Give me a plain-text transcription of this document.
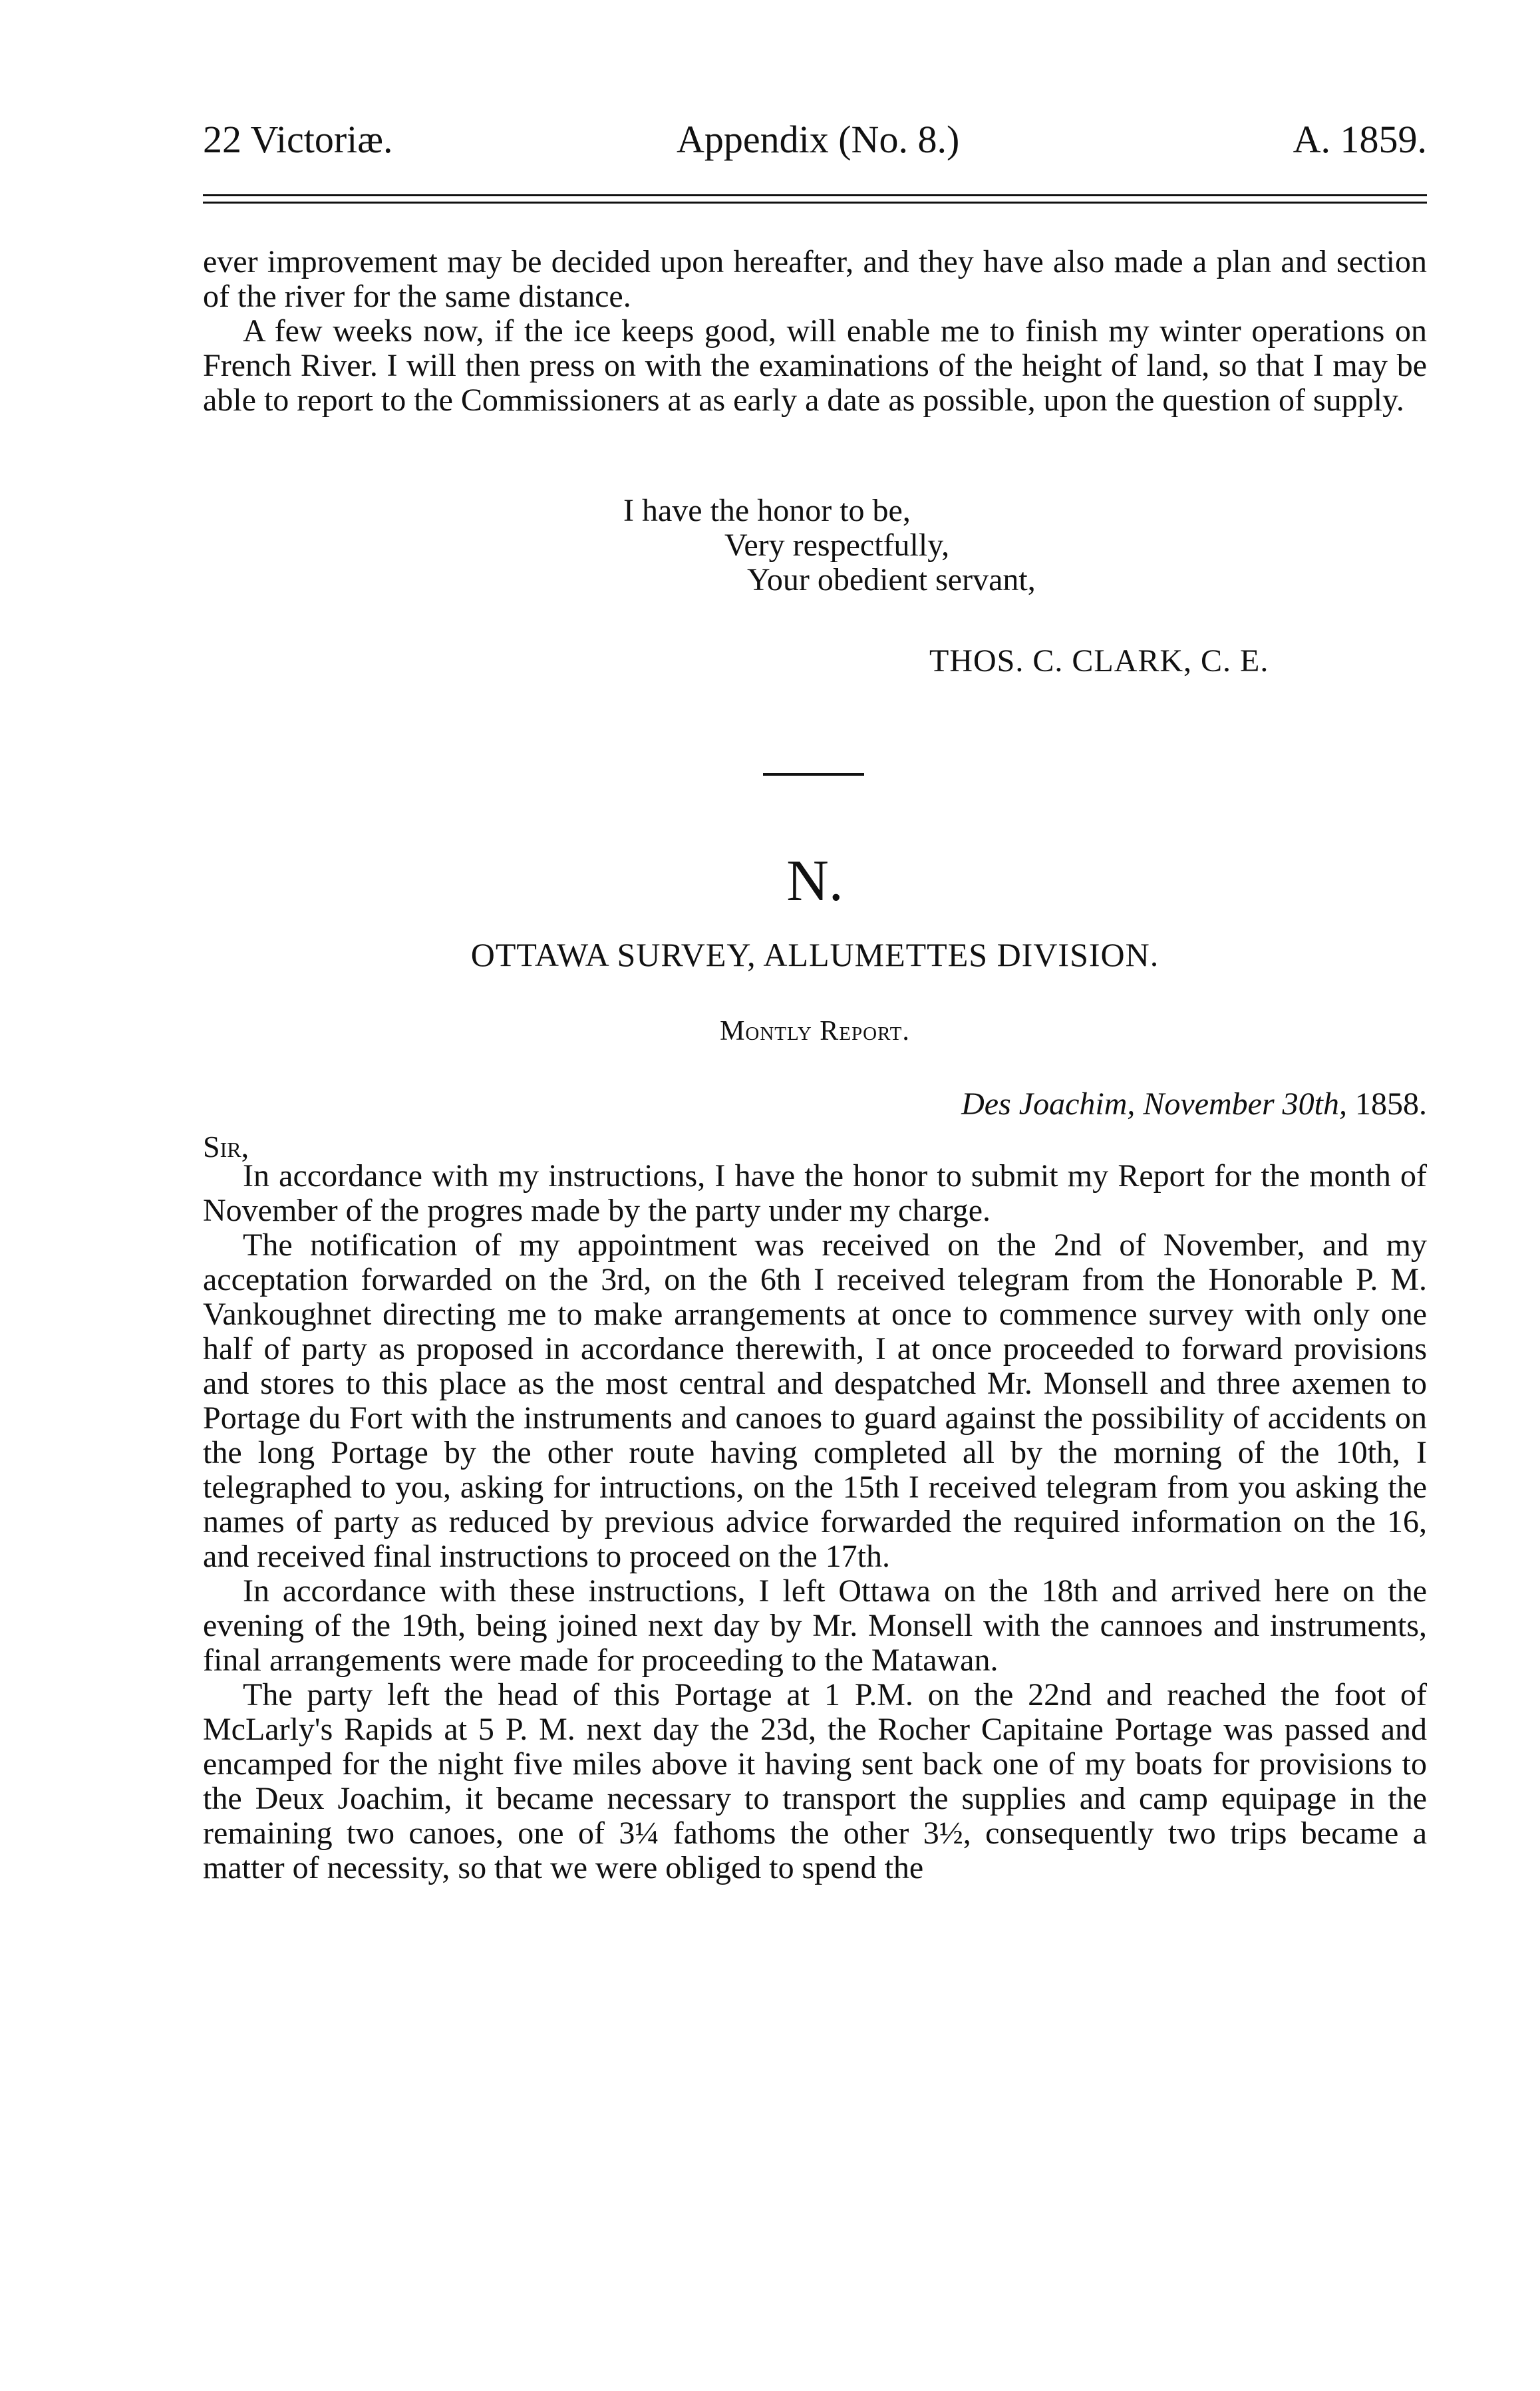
22 Victoriæ.	Appendix (No. 8.)	A. 1859.

ever improvement may be decided upon hereafter, and they have also made a plan and section of the river for the same distance.

A few weeks now, if the ice keeps good, will enable me to finish my winter operations on French River. I will then press on with the examinations of the height of land, so that I may be able to report to the Commissioners at as early a date as possible, upon the question of supply.

I have the honor to be,
Very respectfully,
Your obedient servant,
THOS. C. CLARK, C. E.
N.
OTTAWA SURVEY, ALLUMETTES DIVISION.
Montly Report.
Des Joachim, November 30th, 1858.
Sir,

In accordance with my instructions, I have the honor to submit my Report for the month of November of the progres made by the party under my charge.

The notification of my appointment was received on the 2nd of November, and my acceptation forwarded on the 3rd, on the 6th I received telegram from the Honorable P. M. Vankoughnet directing me to make arrangements at once to commence survey with only one half of party as proposed in accordance therewith, I at once proceeded to forward provisions and stores to this place as the most central and despatched Mr. Monsell and three axemen to Portage du Fort with the instruments and canoes to guard against the possibility of accidents on the long Portage by the other route having completed all by the morning of the 10th, I telegraphed to you, asking for intructions, on the 15th I received telegram from you asking the names of party as reduced by previous advice forwarded the required information on the 16, and received final instructions to proceed on the 17th.

In accordance with these instructions, I left Ottawa on the 18th and arrived here on the evening of the 19th, being joined next day by Mr. Monsell with the cannoes and instruments, final arrangements were made for proceeding to the Matawan.

The party left the head of this Portage at 1 P.M. on the 22nd and reached the foot of McLarly's Rapids at 5 P. M. next day the 23d, the Rocher Capitaine Portage was passed and encamped for the night five miles above it having sent back one of my boats for provisions to the Deux Joachim, it became necessary to transport the supplies and camp equipage in the remaining two canoes, one of 3¼ fathoms the other 3½, consequently two trips became a matter of necessity, so that we were obliged to spend the
